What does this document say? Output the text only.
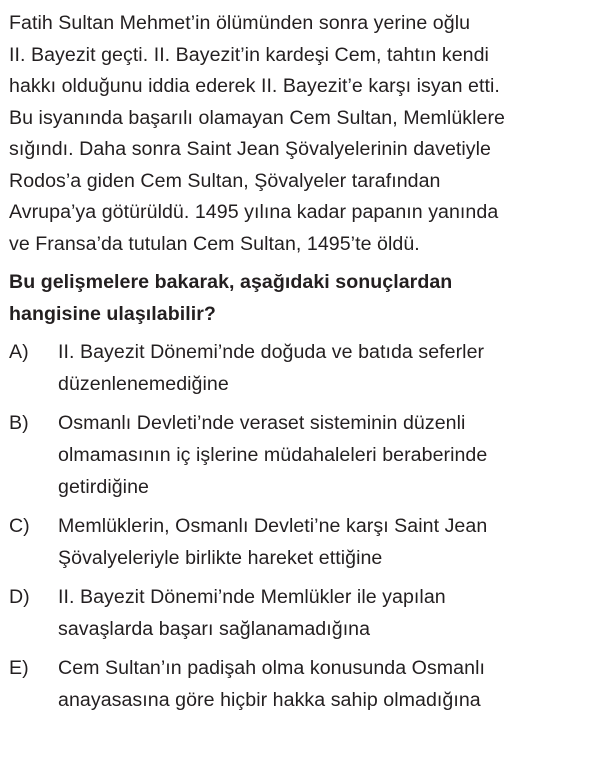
Fatih Sultan Mehmet’in ölümünden sonra yerine oğlu
II. Bayezit geçti. II. Bayezit’in kardeşi Cem, tahtın kendi
hakkı olduğunu iddia ederek II. Bayezit’e karşı isyan etti.
Bu isyanında başarılı olamayan Cem Sultan, Memlüklere
sığındı. Daha sonra Saint Jean Şövalyelerinin davetiyle
Rodos’a giden Cem Sultan, Şövalyeler tarafından
Avrupa’ya götürüldü. 1495 yılına kadar papanın yanında
ve Fransa’da tutulan Cem Sultan, 1495’te öldü.
Bu gelişmelere bakarak, aşağıdaki sonuçlardan
hangisine ulaşılabilir?
A)	II. Bayezit Dönemi’nde doğuda ve batıda seferler
düzenlenemediğine
B)	Osmanlı Devleti’nde veraset sisteminin düzenli
olmamasının iç işlerine müdahaleleri beraberinde
getirdiğine
C)	Memlüklerin, Osmanlı Devleti’ne karşı Saint Jean
Şövalyeleriyle birlikte hareket ettiğine
D)	II. Bayezit Dönemi’nde Memlükler ile yapılan
savaşlarda başarı sağlanamadığına
E)	Cem Sultan’ın padişah olma konusunda Osmanlı
anayasasına göre hiçbir hakka sahip olmadığına
